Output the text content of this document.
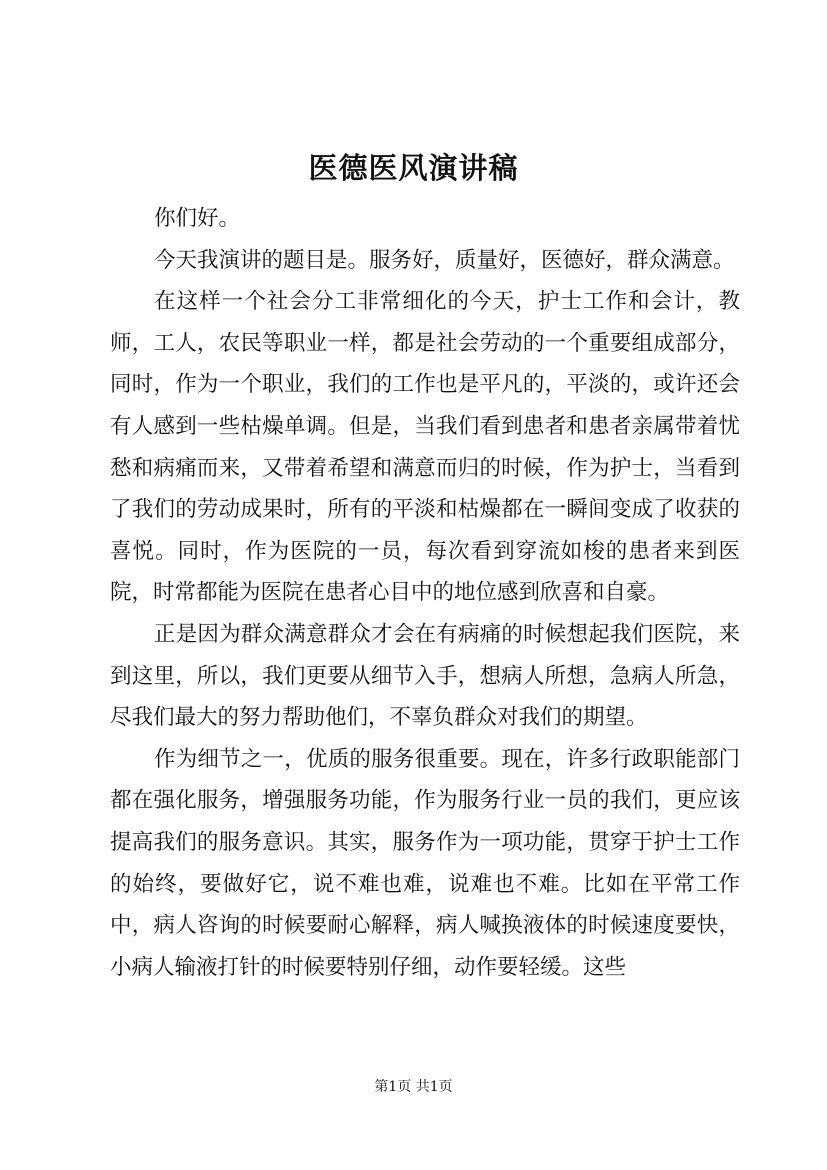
医德医风演讲稿

你们好。

今天我演讲的题目是。服务好，质量好，医德好，群众满意。

在这样一个社会分工非常细化的今天，护士工作和会计，教师，工人，农民等职业一样，都是社会劳动的一个重要组成部分，同时，作为一个职业，我们的工作也是平凡的，平淡的，或许还会有人感到一些枯燥单调。但是，当我们看到患者和患者亲属带着忧愁和病痛而来，又带着希望和满意而归的时候，作为护士，当看到了我们的劳动成果时，所有的平淡和枯燥都在一瞬间变成了收获的喜悦。同时，作为医院的一员，每次看到穿流如梭的患者来到医院，时常都能为医院在患者心目中的地位感到欣喜和自豪。

正是因为群众满意群众才会在有病痛的时候想起我们医院，来到这里，所以，我们更要从细节入手，想病人所想，急病人所急，尽我们最大的努力帮助他们，不辜负群众对我们的期望。

作为细节之一，优质的服务很重要。现在，许多行政职能部门都在强化服务，增强服务功能，作为服务行业一员的我们，更应该提高我们的服务意识。其实，服务作为一项功能，贯穿于护士工作的始终，要做好它，说不难也难，说难也不难。比如在平常工作中，病人咨询的时候要耐心解释，病人喊换液体的时候速度要快，小病人输液打针的时候要特别仔细，动作要轻缓。这些

第1页 共1页
